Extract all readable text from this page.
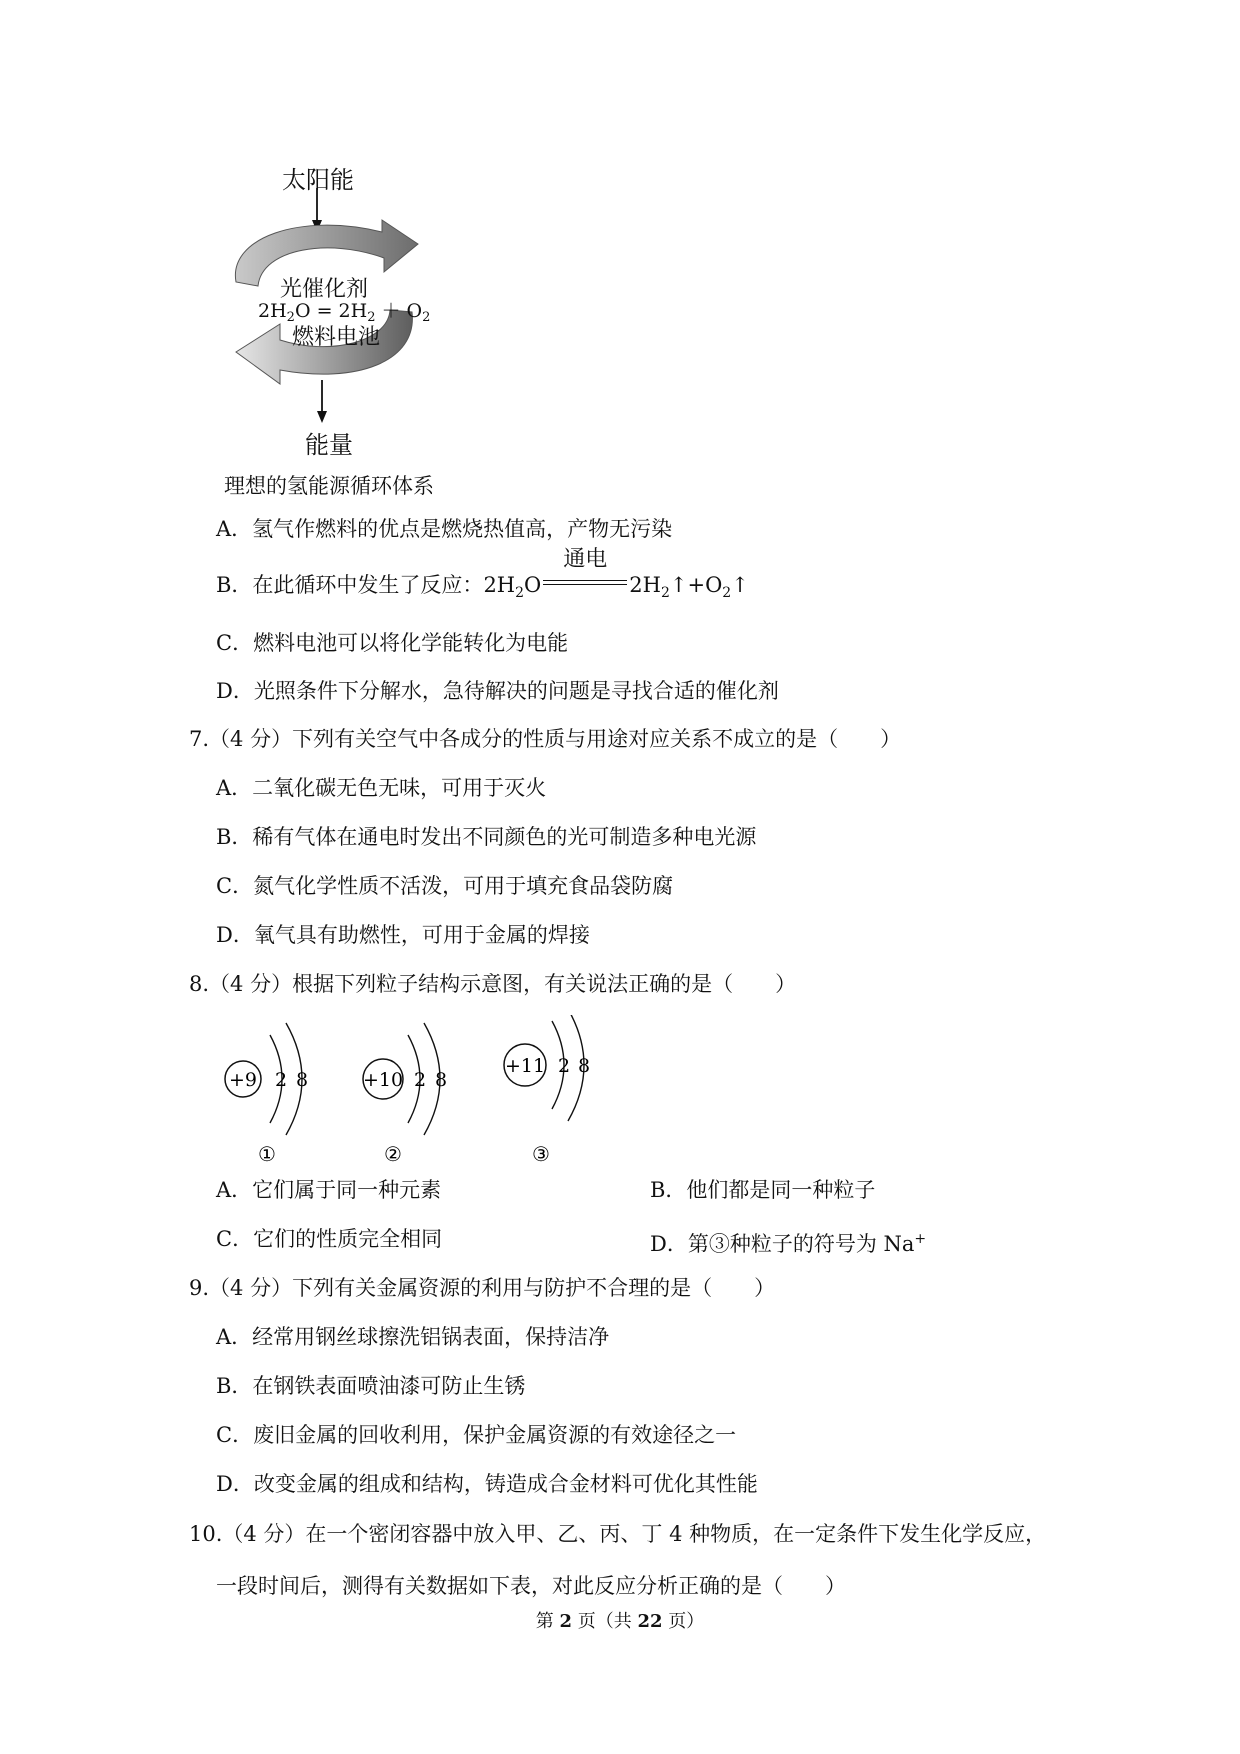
太阳能
光催化剂
$2H_2O = 2H_2 + O_2$
燃料电池
能量
理想的氢能源循环体系
A．氢气作燃料的优点是燃烧热值高，产物无污染
B．在此循环中发生了反应：$2H_2O$
通电
$2H_2↑+O_2↑$
C．燃料电池可以将化学能转化为电能
D．光照条件下分解水，急待解决的问题是寻找合适的催化剂
7.（4 分）下列有关空气中各成分的性质与用途对应关系不成立的是（　　）
A．二氧化碳无色无味，可用于灭火
B．稀有气体在通电时发出不同颜色的光可制造多种电光源
C．氮气化学性质不活泼，可用于填充食品袋防腐
D．氧气具有助燃性，可用于金属的焊接
8.（4 分）根据下列粒子结构示意图，有关说法正确的是（　　）
+9 2 8
①
+10 2 8
②
+11 2 8
③
A．它们属于同一种元素	B．他们都是同一种粒子
C．它们的性质完全相同	D．第③种粒子的符号为 Na+
9.（4 分）下列有关金属资源的利用与防护不合理的是（　　）
A．经常用钢丝球擦洗铝锅表面，保持洁净
B．在钢铁表面喷油漆可防止生锈
C．废旧金属的回收利用，保护金属资源的有效途径之一
D．改变金属的组成和结构，铸造成合金材料可优化其性能
10.（4 分）在一个密闭容器中放入甲、乙、丙、丁 4 种物质，在一定条件下发生化学反应，
一段时间后，测得有关数据如下表，对此反应分析正确的是（　　）
第 2 页（共 22 页）
